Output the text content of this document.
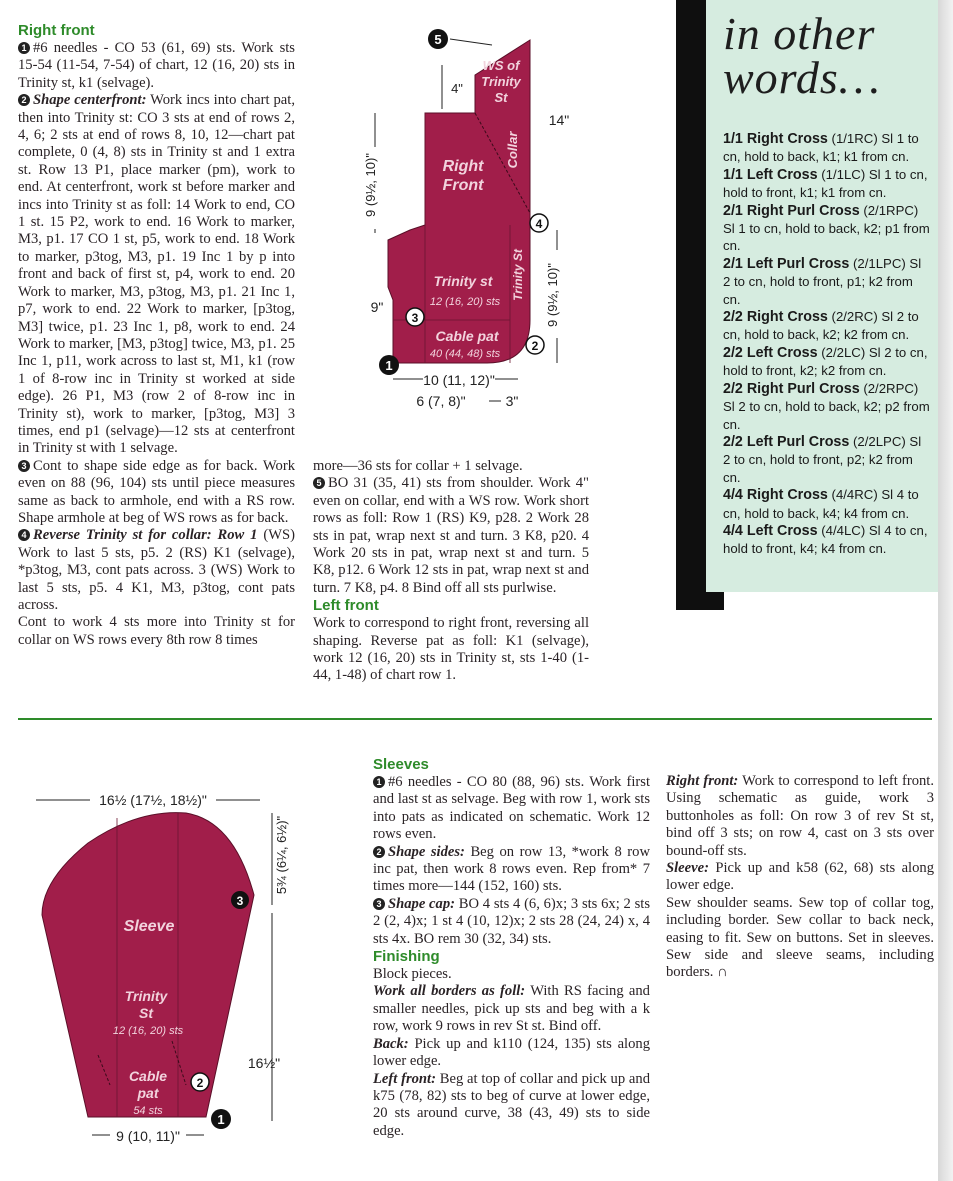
Right front

1 #6 needles - CO 53 (61, 69) sts. Work sts 15-54 (11-54, 7-54) of chart, 12 (16, 20) sts in Trinity st, k1 (selvage).

2 Shape centerfront: Work incs into chart pat, then into Trinity st: CO 3 sts at end of rows 2, 4, 6; 2 sts at end of rows 8, 10, 12—chart pat complete, 0 (4, 8) sts in Trinity st and 1 extra st. Row 13 P1, place marker (pm), work to end. At centerfront, work st before marker and incs into Trinity st as foll: 14 Work to end, CO 1 st. 15 P2, work to end. 16 Work to marker, M3, p1. 17 CO 1 st, p5, work to end. 18 Work to marker, p3tog, M3, p1. 19 Inc 1 by p into front and back of first st, p4, work to end. 20 Work to marker, M3, p3tog, M3, p1. 21 Inc 1, p7, work to end. 22 Work to marker, [p3tog, M3] twice, p1. 23 Inc 1, p8, work to end. 24 Work to marker, [M3, p3tog] twice, M3, p1. 25 Inc 1, p11, work across to last st, M1, k1 (row 1 of 8-row inc in Trinity st worked at side edge). 26 P1, M3 (row 2 of 8-row inc in Trinity st), work to marker, [p3tog, M3] 3 times, end p1 (selvage)—12 sts at centerfront in Trinity st with 1 selvage.

3 Cont to shape side edge as for back. Work even on 88 (96, 104) sts until piece measures same as back to armhole, end with a RS row. Shape armhole at beg of WS rows as for back.

4 Reverse Trinity st for collar: Row 1 (WS) Work to last 5 sts, p5. 2 (RS) K1 (selvage), *p3tog, M3, cont pats across. 3 (WS) Work to last 5 sts, p5. 4 K1, M3, p3tog, cont pats across.

Cont to work 4 sts more into Trinity st for collar on WS rows every 8th row 8 times

more—36 sts for collar + 1 selvage.

5 BO 31 (35, 41) sts from shoulder. Work 4" even on collar, end with a WS row. Work short rows as foll: Row 1 (RS) K9, p28. 2 Work 28 sts in pat, wrap next st and turn. 3 K8, p20. 4 Work 20 sts in pat, wrap next st and turn. 5 K8, p12. 6 Work 12 sts in pat, wrap next st and turn. 7 K8, p4. 8 Bind off all sts purlwise.

Left front

Work to correspond to right front, reversing all shaping. Reverse pat as foll: K1 (selvage), work 12 (16, 20) sts in Trinity st, sts 1-40 (1-44, 1-48) of chart row 1.

WS of
Trinity
St
Collar
Right
Front
Trinity St
Trinity st
12 (16, 20) sts
Cable pat
40 (44, 48) sts
5
4
3
2
1
4"
14"
9 (9½, 10)"
9"	9 (9½, 10)"
10 (11, 12)"
6 (7, 8)"	3"
in other
words…
1/1 Right Cross (1/1RC) Sl 1 to cn, hold to back, k1; k1 from cn.
1/1 Left Cross (1/1LC) Sl 1 to cn, hold to front, k1; k1 from cn.
2/1 Right Purl Cross (2/1RPC) Sl 1 to cn, hold to back, k2; p1 from cn.
2/1 Left Purl Cross (2/1LPC) Sl 2 to cn, hold to front, p1; k2 from cn.
2/2 Right Cross (2/2RC) Sl 2 to cn, hold to back, k2; k2 from cn.
2/2 Left Cross (2/2LC) Sl 2 to cn, hold to front, k2; k2 from cn.
2/2 Right Purl Cross (2/2RPC) Sl 2 to cn, hold to back, k2; p2 from cn.
2/2 Left Purl Cross (2/2LPC) Sl 2 to cn, hold to front, p2; k2 from cn.
4/4 Right Cross (4/4RC) Sl 4 to cn, hold to back, k4; k4 from cn.
4/4 Left Cross (4/4LC) Sl 4 to cn, hold to front, k4; k4 from cn.
Sleeve
Trinity
St
12 (16, 20) sts
Cable
pat
54 sts
3
2
1
16½ (17½, 18½)"
5¾ (6¼, 6½)"
16½"
9 (10, 11)"
Sleeves

1 #6 needles - CO 80 (88, 96) sts. Work first and last st as selvage. Beg with row 1, work sts into pats as indicated on schematic. Work 12 rows even.

2 Shape sides: Beg on row 13, *work 8 row inc pat, then work 8 rows even. Rep from* 7 times more—144 (152, 160) sts.

3 Shape cap: BO 4 sts 4 (6, 6)x; 3 sts 6x; 2 sts 2 (2, 4)x; 1 st 4 (10, 12)x; 2 sts 28 (24, 24) x, 4 sts 4x. BO rem 30 (32, 34) sts.

Finishing

Block pieces.

Work all borders as foll: With RS facing and smaller needles, pick up sts and beg with a k row, work 9 rows in rev St st. Bind off.

Back: Pick up and k110 (124, 135) sts along lower edge.

Left front: Beg at top of collar and pick up and k75 (78, 82) sts to beg of curve at lower edge, 20 sts around curve, 38 (43, 49) sts to side edge.

Right front: Work to correspond to left front. Using schematic as guide, work 3 buttonholes as foll: On row 3 of rev St st, bind off 3 sts; on row 4, cast on 3 sts over bound-off sts.

Sleeve: Pick up and k58 (62, 68) sts along lower edge.

Sew shoulder seams. Sew top of collar tog, including border. Sew collar to back neck, easing to fit. Sew on buttons. Set in sleeves. Sew side and sleeve seams, including borders. ∩
